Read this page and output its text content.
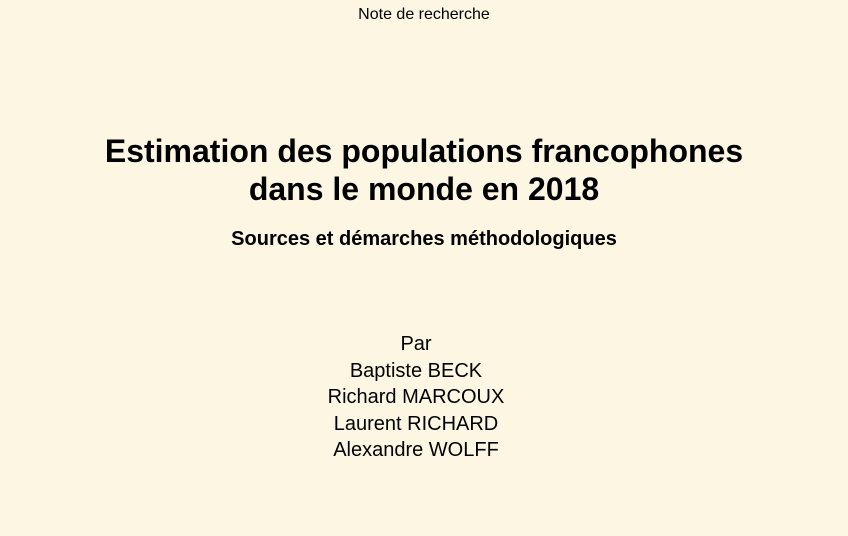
Note de recherche
Estimation des populations francophones
dans le monde en 2018
Sources et démarches méthodologiques
Par
Baptiste BECK
Richard MARCOUX
Laurent RICHARD
Alexandre WOLFF
